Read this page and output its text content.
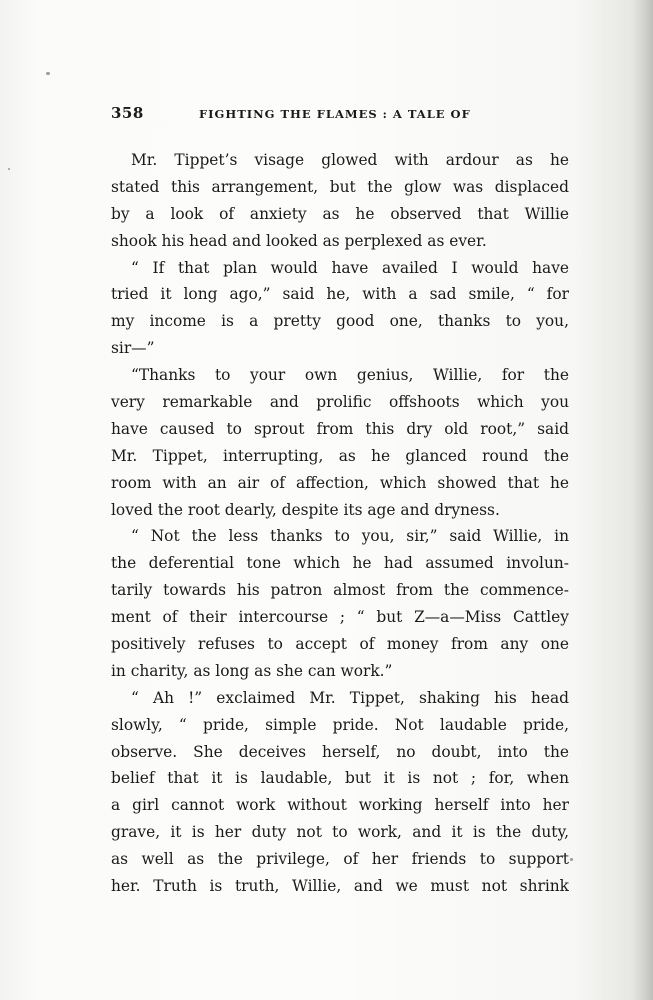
358	FIGHTING THE FLAMES : A TALE OF
Mr. Tippet’s visage glowed with ardour as he
stated this arrangement, but the glow was displaced
by a look of anxiety as he observed that Willie
shook his head and looked as perplexed as ever.
“ If that plan would have availed I would have
tried it long ago,” said he, with a sad smile, “ for
my income is a pretty good one, thanks to you,
sir—”
“Thanks to your own genius, Willie, for the
very remarkable and prolific offshoots which you
have caused to sprout from this dry old root,” said
Mr. Tippet, interrupting, as he glanced round the
room with an air of affection, which showed that he
loved the root dearly, despite its age and dryness.
“ Not the less thanks to you, sir,” said Willie, in
the deferential tone which he had assumed involun-
tarily towards his patron almost from the commence-
ment of their intercourse ; “ but Z—a—Miss Cattley
positively refuses to accept of money from any one
in charity, as long as she can work.”
“ Ah !” exclaimed Mr. Tippet, shaking his head
slowly, “ pride, simple pride. Not laudable pride,
observe. She deceives herself, no doubt, into the
belief that it is laudable, but it is not ; for, when
a girl cannot work without working herself into her
grave, it is her duty not to work, and it is the duty,
as well as the privilege, of her friends to support
her. Truth is truth, Willie, and we must not shrink
